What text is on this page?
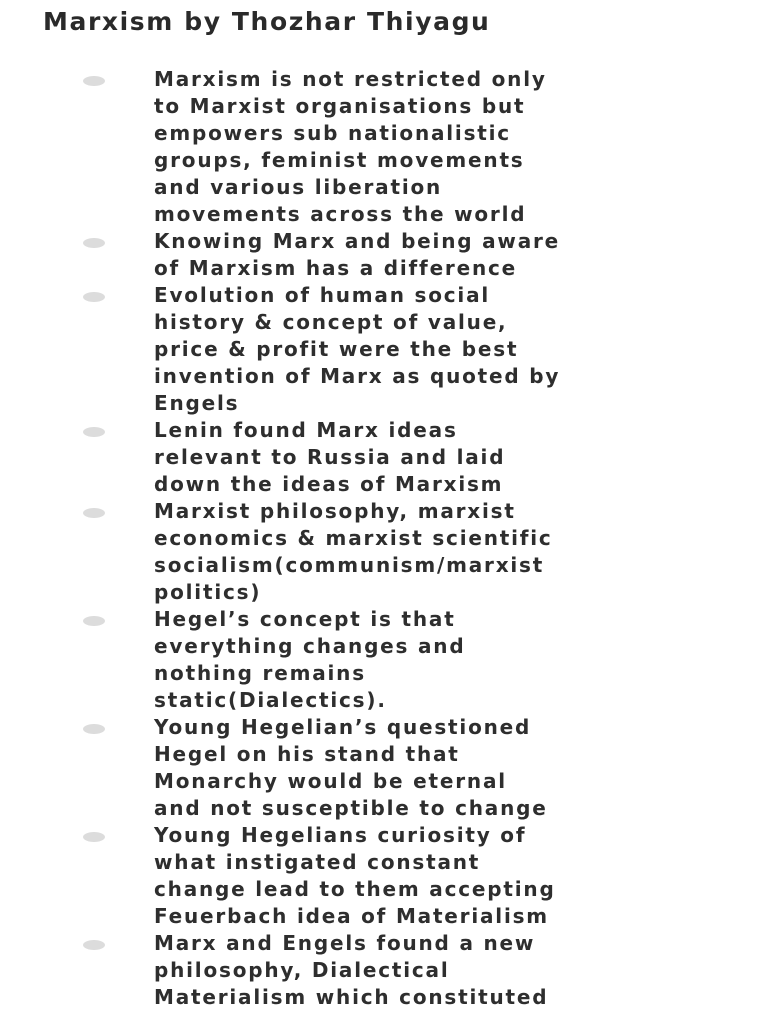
Marxism by Thozhar Thiyagu
Marxism is not restricted only
to Marxist organisations but
empowers sub nationalistic
groups, feminist movements
and various liberation
movements across the world
Knowing Marx and being aware
of Marxism has a difference
Evolution of human social
history & concept of value,
price & profit were the best
invention of Marx as quoted by
Engels
Lenin found Marx ideas
relevant to Russia and laid
down the ideas of Marxism
Marxist philosophy, marxist
economics & marxist scientific
socialism(communism/marxist
politics)
Hegel’s concept is that
everything changes and
nothing remains
static(Dialectics).
Young Hegelian’s questioned
Hegel on his stand that
Monarchy would be eternal
and not susceptible to change
Young Hegelians curiosity of
what instigated constant
change lead to them accepting
Feuerbach idea of Materialism
Marx and Engels found a new
philosophy, Dialectical
Materialism which constituted
